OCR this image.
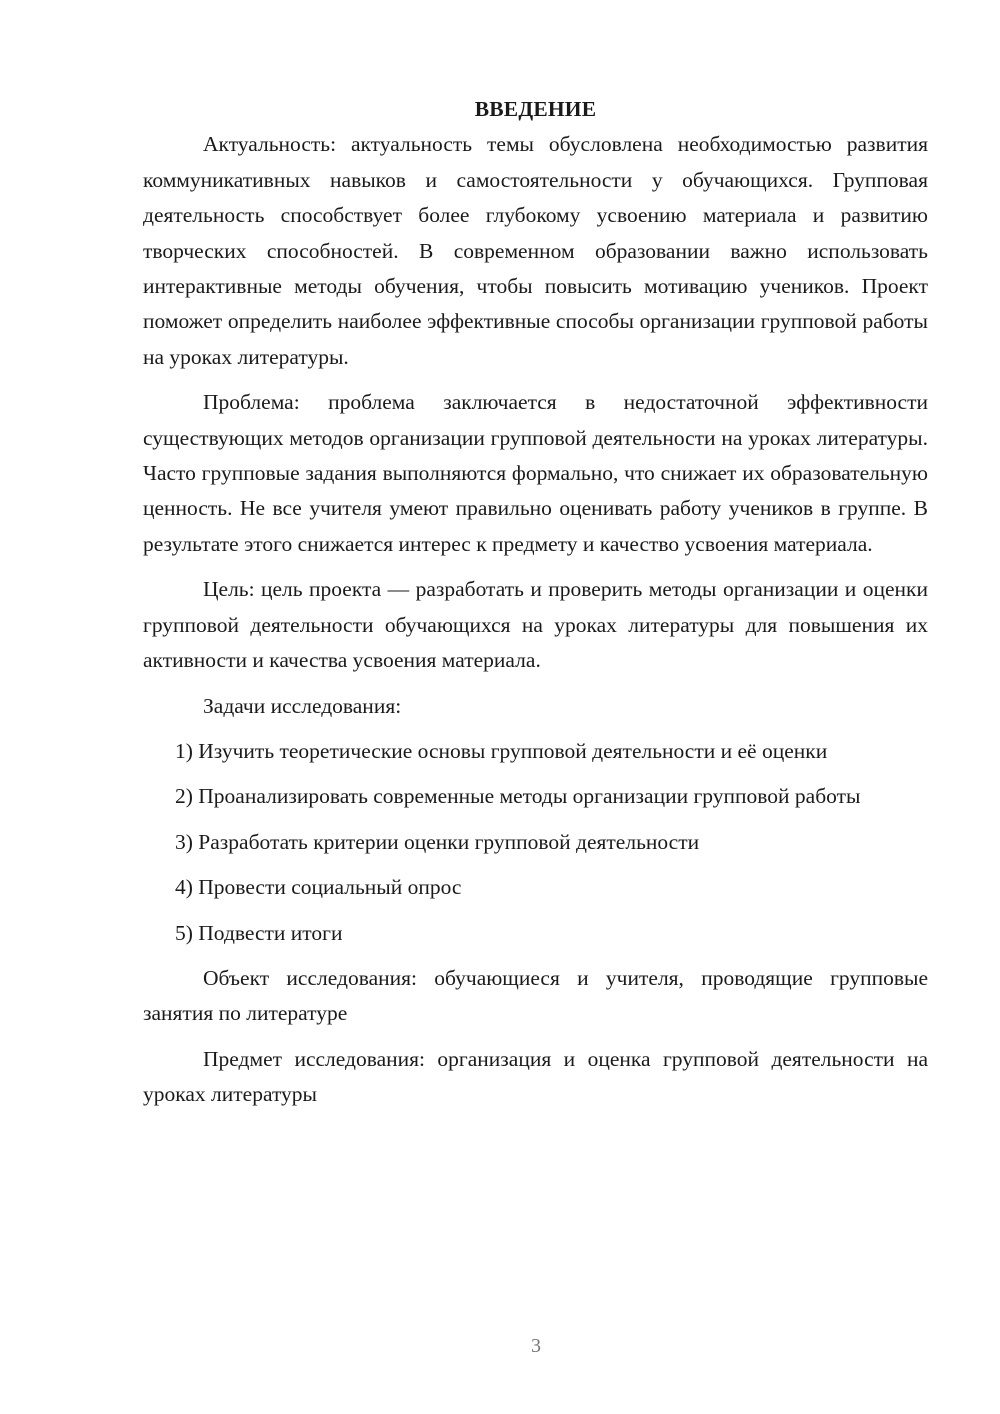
ВВЕДЕНИЕ

Актуальность: актуальность темы обусловлена необходимостью развития коммуникативных навыков и самостоятельности у обучающихся. Групповая деятельность способствует более глубокому усвоению материала и развитию творческих способностей. В современном образовании важно использовать интерактивные методы обучения, чтобы повысить мотивацию учеников. Проект поможет определить наиболее эффективные способы организации групповой работы на уроках литературы.

Проблема: проблема заключается в недостаточной эффективности существующих методов организации групповой деятельности на уроках литературы. Часто групповые задания выполняются формально, что снижает их образовательную ценность. Не все учителя умеют правильно оценивать работу учеников в группе. В результате этого снижается интерес к предмету и качество усвоения материала.

Цель: цель проекта — разработать и проверить методы организации и оценки групповой деятельности обучающихся на уроках литературы для повышения их активности и качества усвоения материала.

Задачи исследования:

1) Изучить теоретические основы групповой деятельности и её оценки

2) Проанализировать современные методы организации групповой работы

3) Разработать критерии оценки групповой деятельности

4) Провести социальный опрос

5) Подвести итоги

Объект исследования: обучающиеся и учителя, проводящие групповые занятия по литературе

Предмет исследования: организация и оценка групповой деятельности на уроках литературы

3
